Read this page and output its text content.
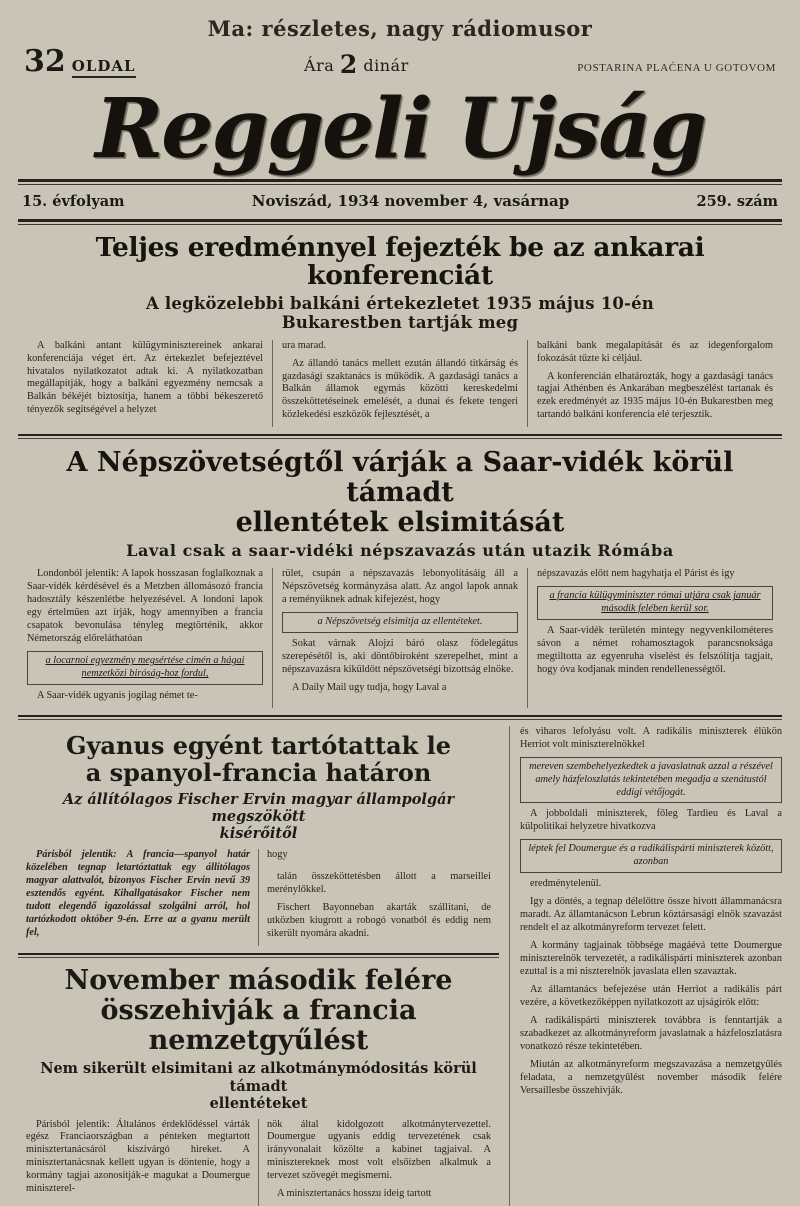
Ma: részletes, nagy rádiomusor
32 OLDAL	Ára 2 dinár	POSTARINA PLAĆENA U GOTOVOM
Reggeli Ujság
15. évfolyam	Noviszád, 1934 november 4, vasárnap	259. szám
Teljes eredménnyel fejezték be az ankarai konferenciát
A legközelebbi balkáni értekezletet 1935 május 10-én
Bukarestben tartják meg

A balkáni antant külügyminisztereinek ankarai konferenciája véget ért. Az értekezlet befejeztével hivatalos nyilatkozatot adtak ki. A nyilatkozatban megállapítják, hogy a balkáni egyezmény nemcsak a Balkán békéjét biztosítja, hanem a többi békeszerető tényezők segítségével a helyzet

ura marad.

Az állandó tanács mellett ezután állandó titkárság és gazdasági szaktanács is működik. A gazdasági tanács a Balkán államok egymás közötti kereskedelmi összeköttetéseinek emelését, a dunai és fekete tengeri közlekedési eszközök fejlesztését, a

balkáni bank megalapítását és az idegenforgalom fokozását tűzte ki céljául.

A konferencián elhatározták, hogy a gazdasági tanács tagjai Athénben és Ankarában megbeszélést tartanak és ezek eredményét az 1935 május 10-én Bukarestben meg tartandó balkáni konferencia elé terjesztik.

A Népszövetségtől várják a Saar-vidék körül támadt
ellentétek elsimitását
Laval csak a saar-vidéki népszavazás után utazik Rómába

Londonból jelentik: A lapok hosszasan foglalkoznak a Saar-vidék kérdésével és a Metzben állomásozó francia hadosztály készenlétbe helyezésével. A londoni lapok egy értelműen azt írják, hogy amennyiben a francia csapatok bevonulása tényleg megtörténik, akkor Németország előreláthatóan

a locarnoi egyezmény megsértése cimén a hágai nemzetközi biróság-hoz fordul,

A Saar-vidék ugyanis jogilag német te-

rület, csupán a népszavazás lebonyolításáig áll a Népszövetség kormányzása alatt. Az angol lapok annak a reményüknek adnak kifejezést, hogy

a Népszövetség elsimitja az ellentéteket.

Sokat várnak Alojzi báró olasz födelegátus szerepésétől is, aki döntőbíroként szerepelhet, mint a népszavazásra kiküldött népszövetségi bizottság elnöke.

A Daily Mail ugy tudja, hogy Laval a

népszavazás előtt nem hagyhatja el Párist és igy

a francia külügyminiszter római utjára csak január második felében kerül sor.

A Saar-vidék területén mintegy negyvenkilométeres sávon a német rohamosztagok parancsnoksága megtiltotta az egyenruha viselést és felszólítja tagjait, hogy óva kodjanak minden rendellenességtől.

Gyanus egyént tartótattak le
a spanyol-francia határon
Az állítólagos Fischer Ervin magyar állampolgár megszökött
kisérőitől

Párisból jelentik: A francia—spanyol határ közelében tegnap letartóztattak egy állítólagos magyar alattvalót, bizonyos Fischer Ervin nevű 39 esztendős egyént. Kihallgatásakor Fischer nem tudott elegendő igazolással szolgálni arról, hol tartózkodott október 9-én. Erre az a gyanu merült fel,

hogy

talán összeköttetésben állott a marseillei merénylőkkel.

Fischert Bayonneban akarták szállitani, de utközben kiugrott a robogó vonatból és eddig nem sikerült nyomára akadni.

November második felére
összehivják a francia nemzetgyűlést
Nem sikerült elsimitani az alkotmánymódositás körül támadt
ellentéteket

Párisból jelentik: Általános érdeklődéssel várták egész Franciaországban a pénteken megtartott minisztertanácsáról kiszivárgó hireket. A minisztertanácsnak kellett ugyan is döntenie, hogy a kormány tagjai azonosítják-e magukat a Doumergue miniszterel-

nök által kidolgozott alkotmánytervezettel. Doumergue ugyanis eddig tervezetének csak irányvonalait közölte a kabinet tagjaival. A minisztereknek most volt elsőizben alkalmuk a tervezet szövegét megismerni.

A minisztertanács hosszu ideig tartott

és viharos lefolyásu volt. A radikális miniszterek élükön Herriot volt miniszterelnökkel

mereven szembehelyezkedtek a javaslatnak azzal a részével amely házfeloszlatás tekintetében megadja a szenátustól eddigi vétőjogát.

A jobboldali miniszterek, főleg Tardieu és Laval a külpolitikai helyzetre hivatkozva

léptek fel Doumergue és a radikálispárti miniszterek között, azonban

eredménytelenül.

Igy a döntés, a tegnap délelőttre össze hivott állammanácsra maradt. Az államtanácson Lebrun köztársasági elnök szavazást rendelt el az alkotmányreform tervezet felett.

A kormány tagjainak többsége magáévá tette Doumergue miniszterelnök tervezetét, a radikálispárti miniszterek azonban ezuttal is a mi niszterelnök javaslata ellen szavaztak.

Az államtanács befejezése után Herriot a radikális párt vezére, a következőképpen nyilatkozott az ujságirók előtt:

A radikálispárti miniszterek továbbra is fenntartják a szabadkezet az alkotmányreform javaslatnak a házfeloszlatásra vonatkozó része tekintetében.

Miután az alkotmányreform megszavazása a nemzetgyűlés feladata, a nemzetgyűlést november második felére Versaillesbe összehivják.
